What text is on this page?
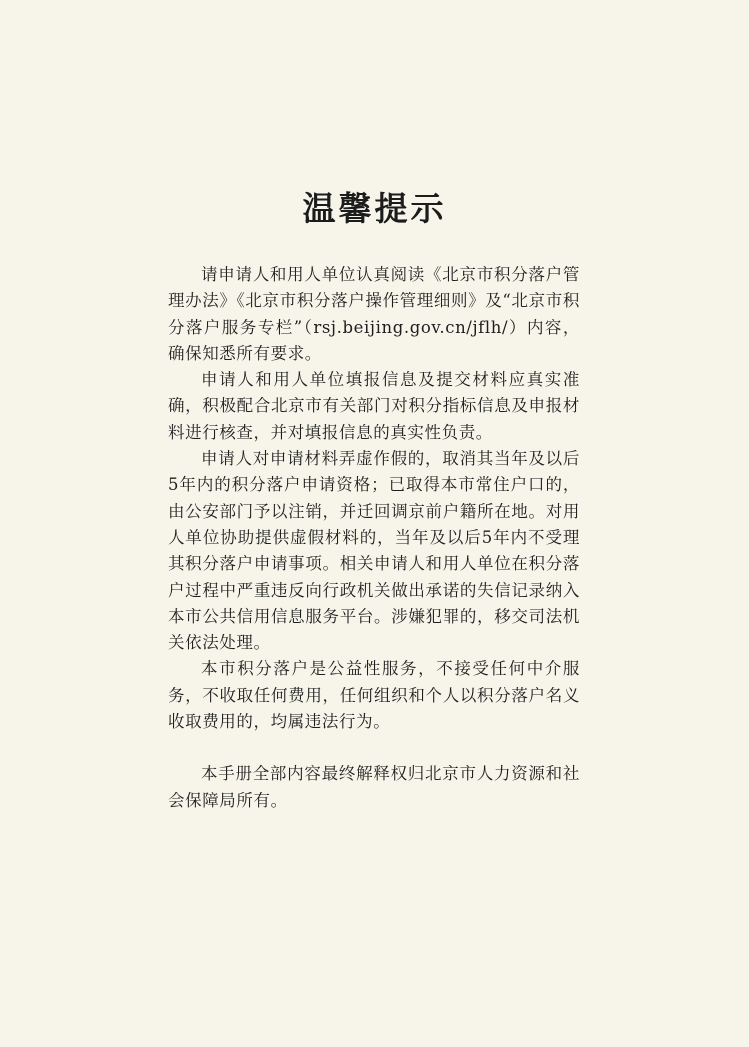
温馨提示

请申请人和用人单位认真阅读《北京市积分落户管理办法》《北京市积分落户操作管理细则》及“北京市积分落户服务专栏”（rsj.beijing.gov.cn/jflh/）内容，确保知悉所有要求。

申请人和用人单位填报信息及提交材料应真实准确，积极配合北京市有关部门对积分指标信息及申报材料进行核查，并对填报信息的真实性负责。

申请人对申请材料弄虚作假的，取消其当年及以后5年内的积分落户申请资格；已取得本市常住户口的，由公安部门予以注销，并迁回调京前户籍所在地。对用人单位协助提供虚假材料的，当年及以后5年内不受理其积分落户申请事项。相关申请人和用人单位在积分落户过程中严重违反向行政机关做出承诺的失信记录纳入本市公共信用信息服务平台。涉嫌犯罪的，移交司法机关依法处理。

本市积分落户是公益性服务，不接受任何中介服务，不收取任何费用，任何组织和个人以积分落户名义收取费用的，均属违法行为。

本手册全部内容最终解释权归北京市人力资源和社会保障局所有。
